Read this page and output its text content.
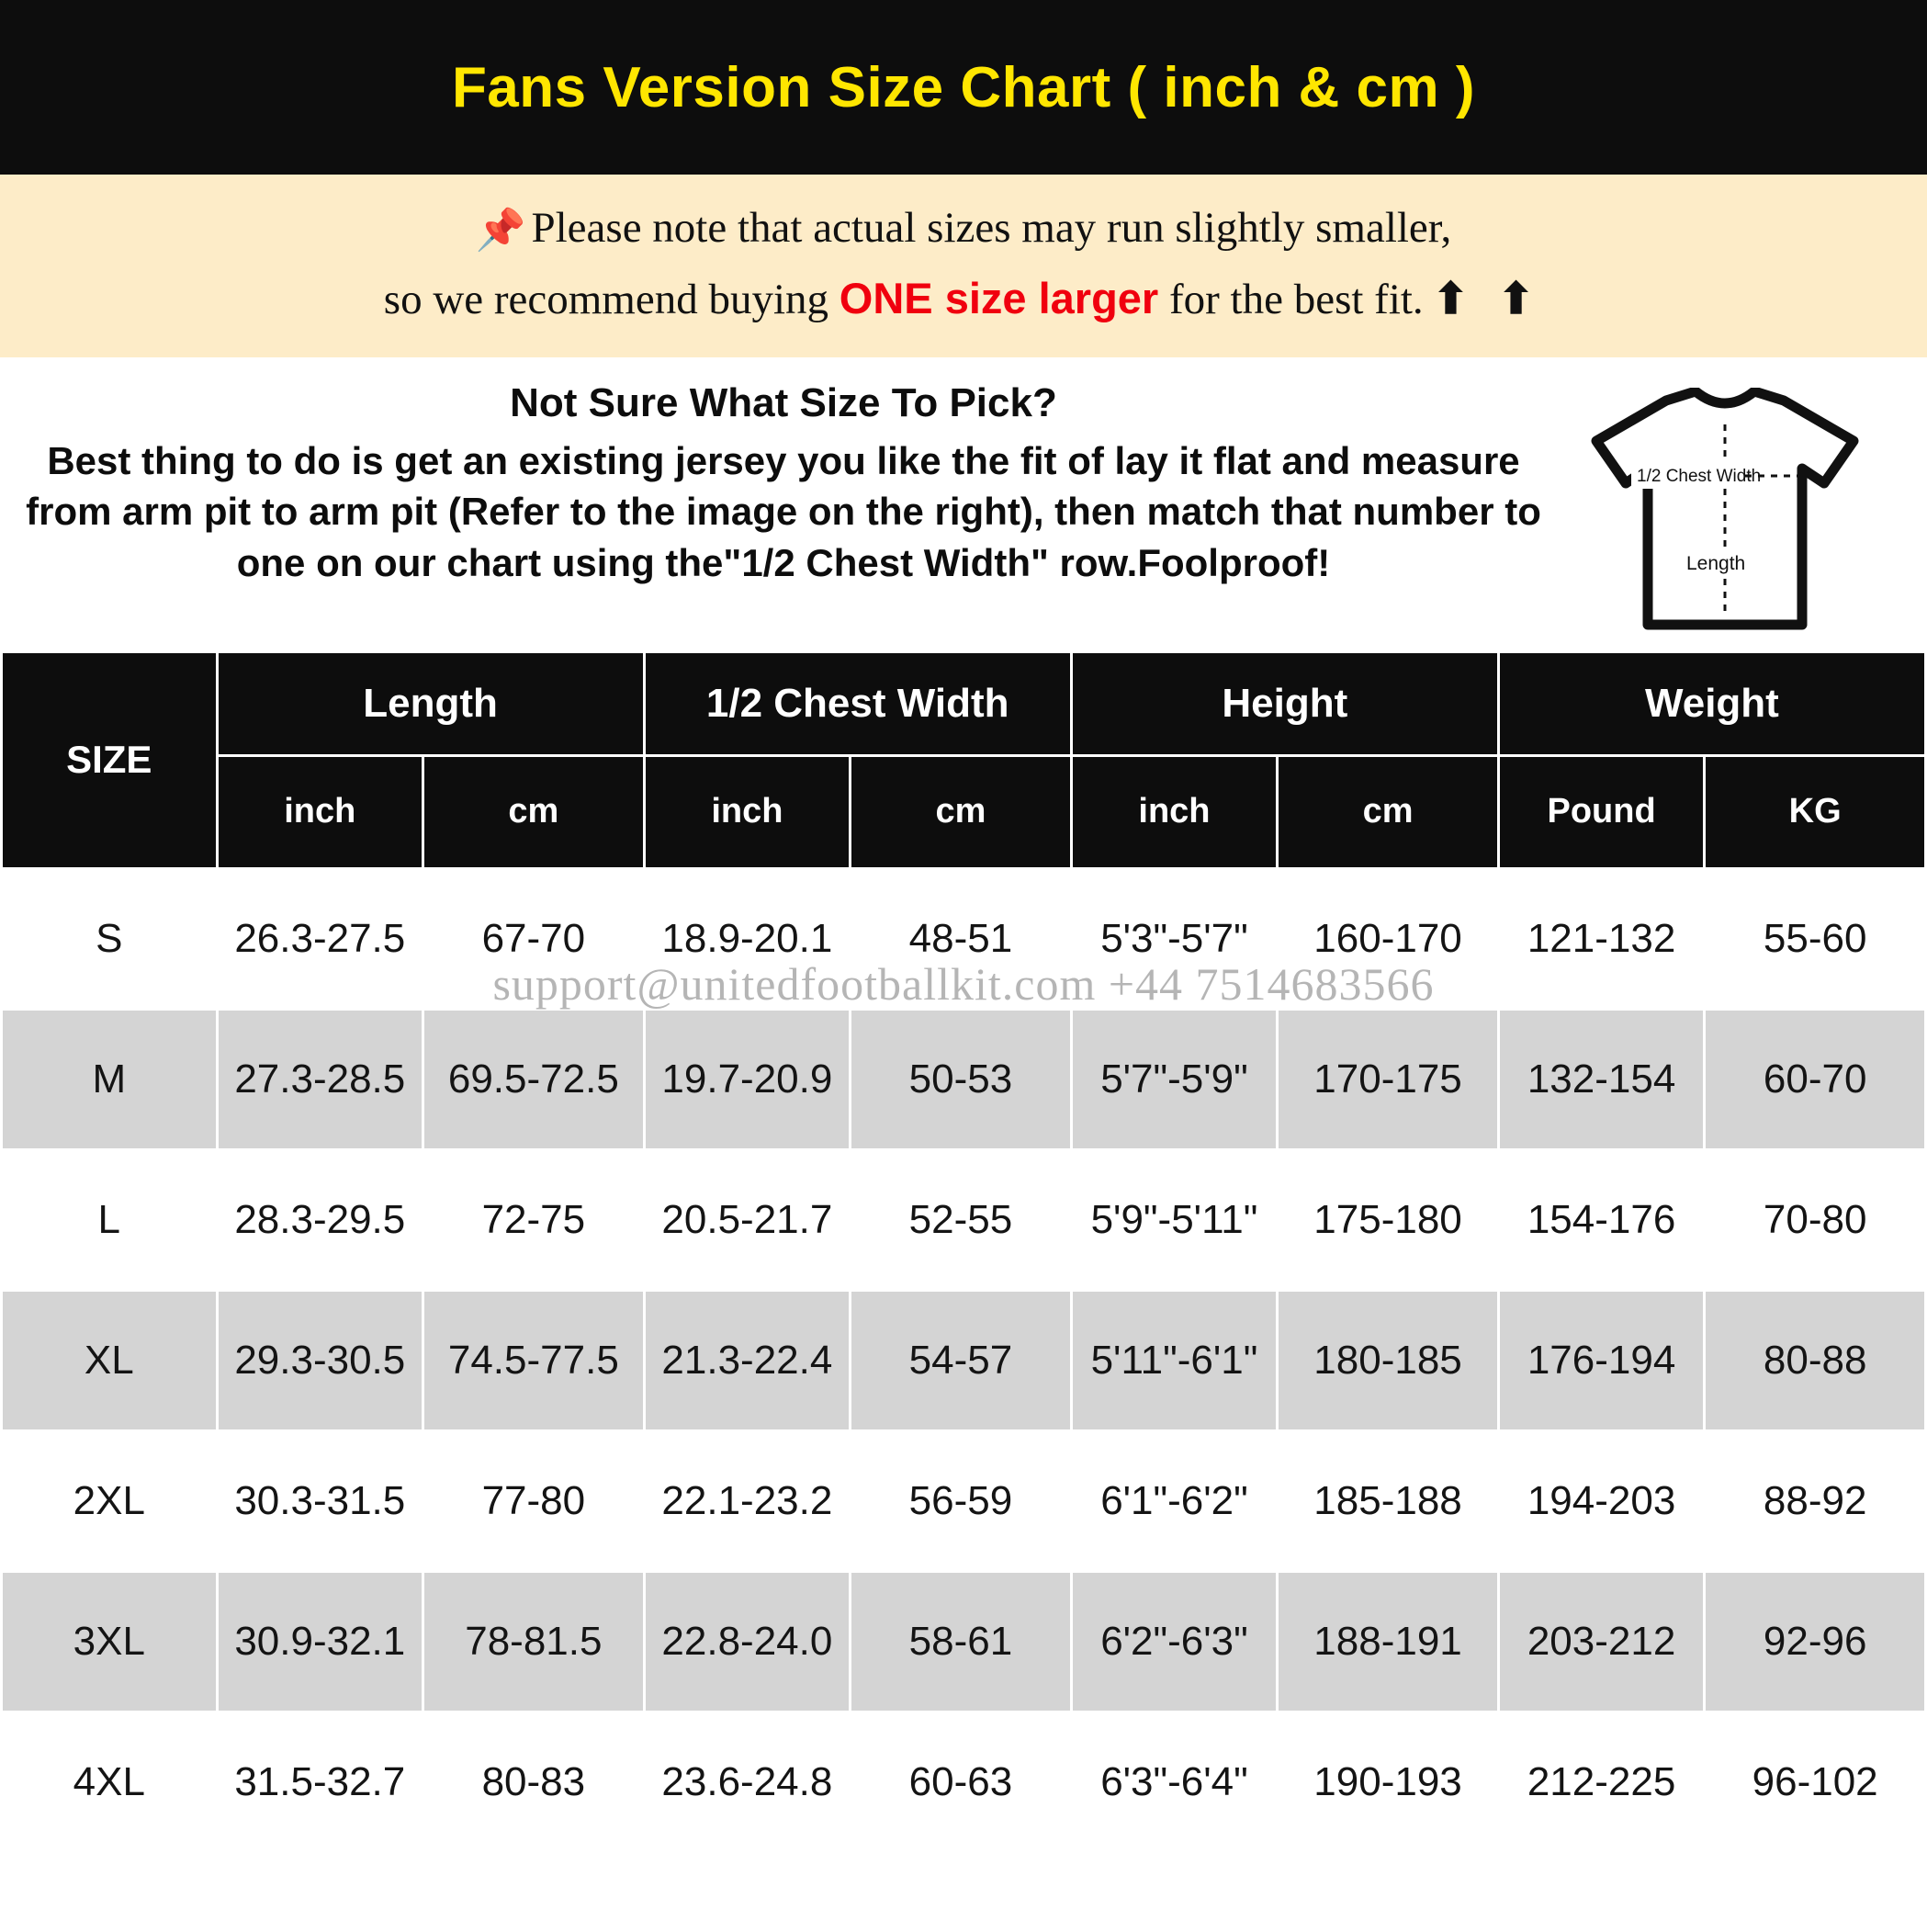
Fans Version Size Chart ( inch & cm )
📌 Please note that actual sizes may run slightly smaller,
so we recommend buying ONE size larger for the best fit. ⬆ ⬆
Not Sure What Size To Pick?
Best thing to do is get an existing jersey you like the fit of lay it flat and measure from arm pit to arm pit (Refer to the image on the right), then match that number to one on our chart using the"1/2 Chest Width" row.Foolproof!
1/2 Chest Width
Length
SIZE	Length		1/2 Chest Width		Height		Weight	
	inch	cm	inch	cm	inch	cm	Pound	KG
S	26.3-27.5	67-70	18.9-20.1	48-51	5'3"-5'7"	160-170	121-132	55-60
M	27.3-28.5	69.5-72.5	19.7-20.9	50-53	5'7"-5'9"	170-175	132-154	60-70
L	28.3-29.5	72-75	20.5-21.7	52-55	5'9"-5'11"	175-180	154-176	70-80
XL	29.3-30.5	74.5-77.5	21.3-22.4	54-57	5'11"-6'1"	180-185	176-194	80-88
2XL	30.3-31.5	77-80	22.1-23.2	56-59	6'1"-6'2"	185-188	194-203	88-92
3XL	30.9-32.1	78-81.5	22.8-24.0	58-61	6'2"-6'3"	188-191	203-212	92-96
4XL	31.5-32.7	80-83	23.6-24.8	60-63	6'3"-6'4"	190-193	212-225	96-102
support@unitedfootballkit.com +44 7514683566
